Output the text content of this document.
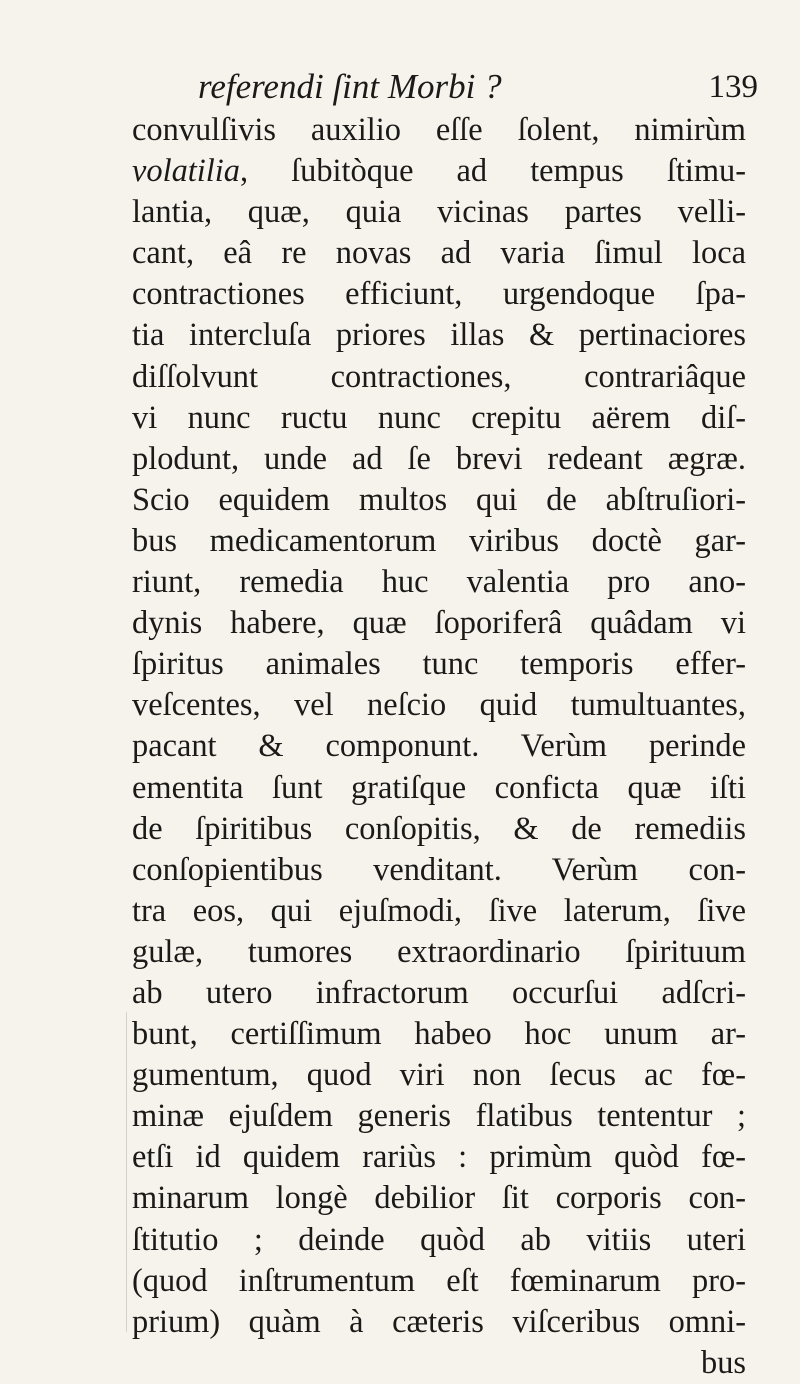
referendi ſint Morbi ?	139
convulſivis auxilio eſſe ſolent, nimirùm
volatilia, ſubitòque ad tempus ſtimu-
lantia, quæ, quia vicinas partes velli-
cant, eâ re novas ad varia ſimul loca
contractiones efficiunt, urgendoque ſpa-
tia intercluſa priores illas & pertinaciores
diſſolvunt contractiones, contrariâque
vi nunc ructu nunc crepitu aërem diſ-
plodunt, unde ad ſe brevi redeant ægræ.
Scio equidem multos qui de abſtruſiori-
bus medicamentorum viribus doctè gar-
riunt, remedia huc valentia pro ano-
dynis habere, quæ ſoporiferâ quâdam vi
ſpiritus animales tunc temporis effer-
veſcentes, vel neſcio quid tumultuantes,
pacant & componunt. Verùm perinde
ementita ſunt gratiſque conficta quæ iſti
de ſpiritibus conſopitis, & de remediis
conſopientibus venditant. Verùm con-
tra eos, qui ejuſmodi, ſive laterum, ſive
gulæ, tumores extraordinario ſpirituum
ab utero infractorum occurſui adſcri-
bunt, certiſſimum habeo hoc unum ar-
gumentum, quod viri non ſecus ac fœ-
minæ ejuſdem generis flatibus tententur ;
etſi id quidem rariùs : primùm quòd fœ-
minarum longè debilior ſit corporis con-
ſtitutio ; deinde quòd ab vitiis uteri
(quod inſtrumentum eſt fœminarum pro-
prium) quàm à cæteris viſceribus omni-
bus
